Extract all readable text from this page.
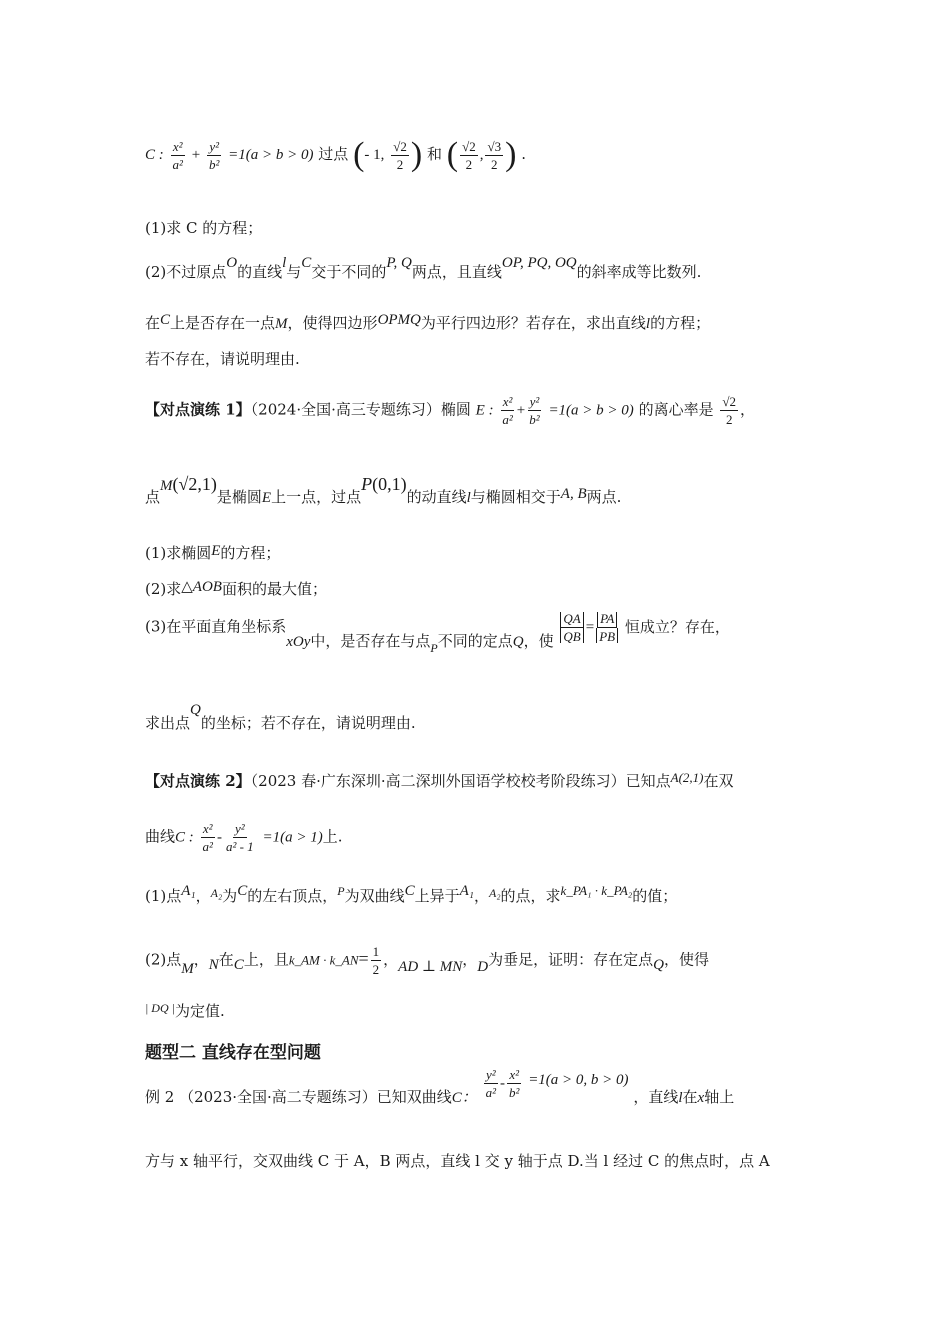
C : $\frac{\text{x²}}{\text{a²}} + \frac{\text{y²}}{\text{b²}} =1(a > b > 0)$ 过点 (- 1, $\frac{√2}{2}$ ) 和 ( $\frac{√2}{2}$ , $\frac{√3}{2}$ ) .
(1)求 C 的方程；
(2)不过原点O的直线l与C交于不同的P, Q两点，且直线OP, PQ, OQ的斜率成等比数列.
在C上是否存在一点M，使得四边形OPMQ为平行四边形？若存在，求出直线l的方程；
若不存在，请说明理由.
【对点演练 1】（2024·全国·高三专题练习）椭圆 E : $\frac{\text{x²}}{\text{a²}} + \frac{\text{y²}}{\text{b²}} =1(a > b > 0)$ 的离心率是 $\frac{√2}{2}$ ，
点M(√2,1)是椭圆E上一点，过点P(0,1)的动直线l与椭圆相交于A, B两点.
(1)求椭圆E的方程；
(2)求△AOB面积的最大值；
(3)在平面直角坐标系xOy中，是否存在与点$_P$不同的定点Q，使 $\frac{QA}{QB} = \frac{PA}{PB}$ 恒成立？存在，
求出点Q的坐标；若不存在，请说明理由.
【对点演练 2】（2023 春·广东深圳·高二深圳外国语学校校考阶段练习）已知点A(2,1)在双
曲线C : $\frac{\text{x²}}{\text{a²}} - \frac{\text{y²}}{\text{a² - 1}} =1(a > 1)$上.
(1)点A₁，$^{A_2}$为C的左右顶点，$^P$为双曲线C上异于A₁，$^{A_2}$的点，求k_PA₁ · k_PA₂的值；
(2)点M，N在C上，且k_AM · k_AN= $\frac{1}{2}$ ，AD ⊥ MN，D为垂足，证明：存在定点Q，使得
$^{| DQ |}$为定值.
题型二 直线存在型问题
例 2 （2023·全国·高二专题练习）已知双曲线C： $\frac{\text{y²}}{\text{a²}} - \frac{\text{x²}}{\text{b²}} =1(a > 0$, b > 0) ，直线l在x轴上
方与 x 轴平行，交双曲线 C 于 A，B 两点，直线 l 交 y 轴于点 D.当 l 经过 C 的焦点时，点 A
